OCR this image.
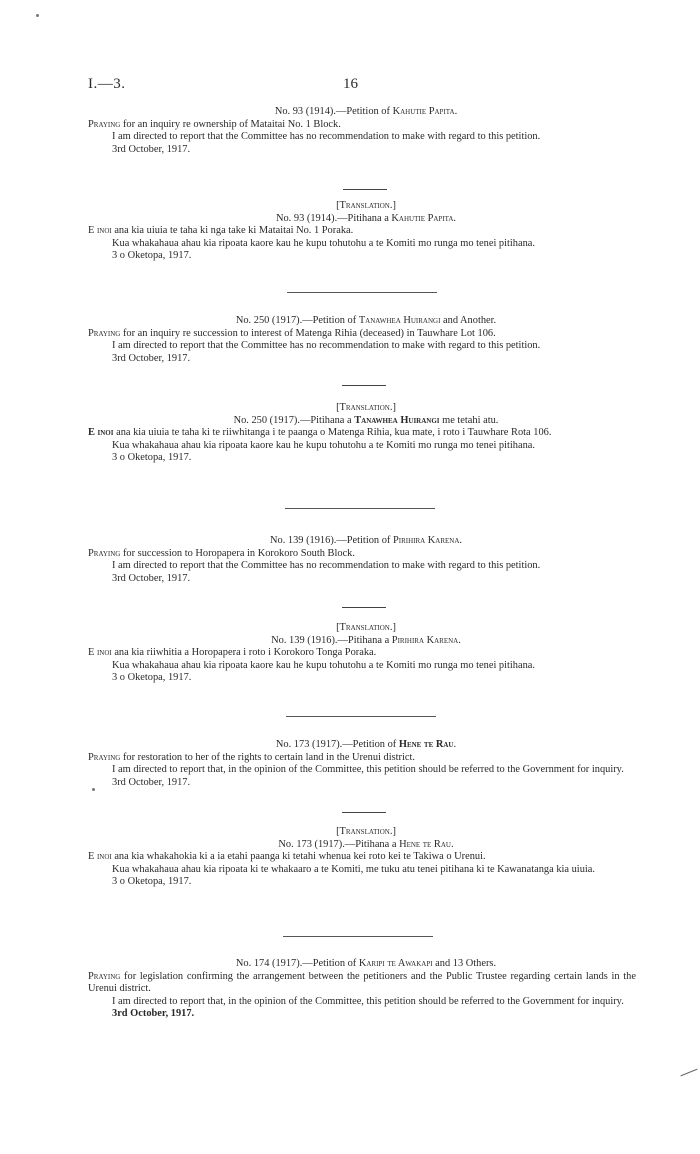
I.—3.	16
No. 93 (1914).—Petition of Kahutie Papita.

Praying for an inquiry re ownership of Mataitai No. 1 Block.

I am directed to report that the Committee has no recommendation to make with regard to this petition.

3rd October, 1917.
[Translation.]
No. 93 (1914).—Pitihana a Kahutie Papita.

E inoi ana kia uiuia te taha ki nga take ki Mataitai No. 1 Poraka.

Kua whakahaua ahau kia ripoata kaore kau he kupu tohutohu a te Komiti mo runga mo tenei pitihana.

3 o Oketopa, 1917.
No. 250 (1917).—Petition of Tanawhea Huirangi and Another.

Praying for an inquiry re succession to interest of Matenga Rihia (deceased) in Tauwhare Lot 106.

I am directed to report that the Committee has no recommendation to make with regard to this petition.

3rd October, 1917.
[Translation.]
No. 250 (1917).—Pitihana a Tanawhea Huirangi me tetahi atu.

E inoi ana kia uiuia te taha ki te riiwhitanga i te paanga o Matenga Rihia, kua mate, i roto i Tauwhare Rota 106.

Kua whakahaua ahau kia ripoata kaore kau he kupu tohutohu a te Komiti mo runga mo tenei pitihana.

3 o Oketopa, 1917.
No. 139 (1916).—Petition of Pirihira Karena.

Praying for succession to Horopapera in Korokoro South Block.

I am directed to report that the Committee has no recommendation to make with regard to this petition.

3rd October, 1917.
[Translation.]
No. 139 (1916).—Pitihana a Pirihira Karena.

E inoi ana kia riiwhitia a Horopapera i roto i Korokoro Tonga Poraka.

Kua whakahaua ahau kia ripoata kaore kau he kupu tohutohu a te Komiti mo runga mo tenei pitihana.

3 o Oketopa, 1917.
No. 173 (1917).—Petition of Hene te Rau.

Praying for restoration to her of the rights to certain land in the Urenui district.

I am directed to report that, in the opinion of the Committee, this petition should be referred to the Government for inquiry.

3rd October, 1917.
[Translation.]
No. 173 (1917).—Pitihana a Hene te Rau.

E inoi ana kia whakahokia ki a ia etahi paanga ki tetahi whenua kei roto kei te Takiwa o Urenui.

Kua whakahaua ahau kia ripoata ki te whakaaro a te Komiti, me tuku atu tenei pitihana ki te Kawanatanga kia uiuia.

3 o Oketopa, 1917.
No. 174 (1917).—Petition of Karipi te Awakapi and 13 Others.

Praying for legislation confirming the arrangement between the petitioners and the Public Trustee regarding certain lands in the Urenui district.

I am directed to report that, in the opinion of the Committee, this petition should be referred to the Government for inquiry.

3rd October, 1917.
